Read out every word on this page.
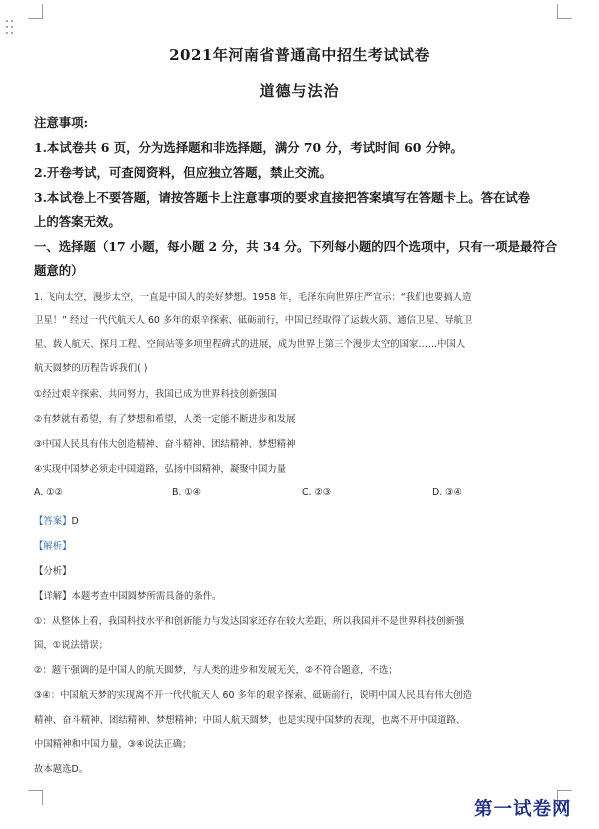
2021年河南省普通高中招生考试试卷
道德与法治
注意事项:
1.本试卷共 6 页，分为选择题和非选择题，满分 70 分，考试时间 60 分钟。
2.开卷考试，可查阅资料，但应独立答题，禁止交流。
3.本试卷上不要答题，请按答题卡上注意事项的要求直接把答案填写在答题卡上。答在试卷
上的答案无效。
一、选择题（17 小题，每小题 2 分，共 34 分。下列每小题的四个选项中，只有一项是最符合
题意的）
1. 飞向太空，漫步太空，一直是中国人的美好梦想。1958 年，毛泽东向世界庄严宣示：“我们也要搞人造
卫星！” 经过一代代航天人 60 多年的艰辛探索、砥砺前行，中国已经取得了运载火箭、通信卫星、导航卫
星、载人航天、探月工程、空间站等多项里程碑式的进展，成为世界上第三个漫步太空的国家……中国人
航天圆梦的历程告诉我们( )
①经过艰辛探索、共同努力，我国已成为世界科技创新强国
②有梦就有希望，有了梦想和希望，人类一定能不断进步和发展
③中国人民具有伟大创造精神、奋斗精神、团结精神、梦想精神
④实现中国梦必须走中国道路，弘扬中国精神，凝聚中国力量
A. ①②	B. ①④	C. ②③	D. ③④
【答案】D
【解析】
【分析】
【详解】本题考查中国圆梦所需具备的条件。
①：从整体上看，我国科技水平和创新能力与发达国家还存在较大差距，所以我国并不是世界科技创新强
国，①说法错误；
②：题干强调的是中国人的航天圆梦，与人类的进步和发展无关，②不符合题意，不选；
③④：中国航天梦的实现离不开一代代航天人 60 多年的艰辛探索、砥砺前行，说明中国人民具有伟大创造
精神、奋斗精神、团结精神、梦想精神；中国人航天圆梦，也是实现中国梦的表现，也离不开中国道路、
中国精神和中国力量，③④说法正确；
故本题选D。
第一试卷网
